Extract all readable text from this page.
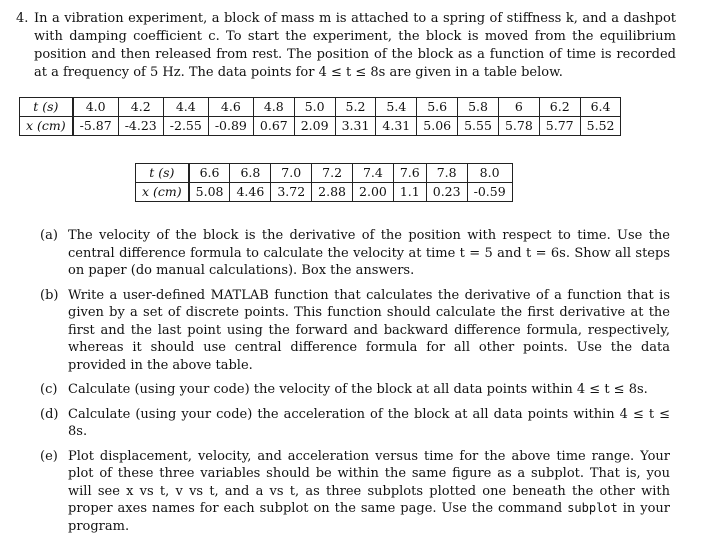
4. In a vibration experiment, a block of mass m is attached to a spring of stiffness k, and a dashpot with damping coefficient c. To start the experiment, the block is moved from the equilibrium position and then released from rest. The position of the block as a function of time is recorded at a frequency of 5 Hz. The data points for 4 ≤ t ≤ 8s are given in a table below.
t (s)	4.0	4.2	4.4	4.6	4.8	5.0	5.2	5.4	5.6	5.8	6	6.2	6.4
x (cm)	-5.87	-4.23	-2.55	-0.89	0.67	2.09	3.31	4.31	5.06	5.55	5.78	5.77	5.52
t (s)	6.6	6.8	7.0	7.2	7.4	7.6	7.8	8.0
x (cm)	5.08	4.46	3.72	2.88	2.00	1.1	0.23	-0.59
(a) The velocity of the block is the derivative of the position with respect to time. Use the central difference formula to calculate the velocity at time t = 5 and t = 6s. Show all steps on paper (do manual calculations). Box the answers.
(b) Write a user-defined MATLAB function that calculates the derivative of a function that is given by a set of discrete points. This function should calculate the first derivative at the first and the last point using the forward and backward difference formula, respectively, whereas it should use central difference formula for all other points. Use the data provided in the above table.
(c) Calculate (using your code) the velocity of the block at all data points within 4 ≤ t ≤ 8s.
(d) Calculate (using your code) the acceleration of the block at all data points within 4 ≤ t ≤ 8s.
(e) Plot displacement, velocity, and acceleration versus time for the above time range. Your plot of these three variables should be within the same figure as a subplot. That is, you will see x vs t, v vs t, and a vs t, as three subplots plotted one beneath the other with proper axes names for each subplot on the same page. Use the command subplot in your program.
